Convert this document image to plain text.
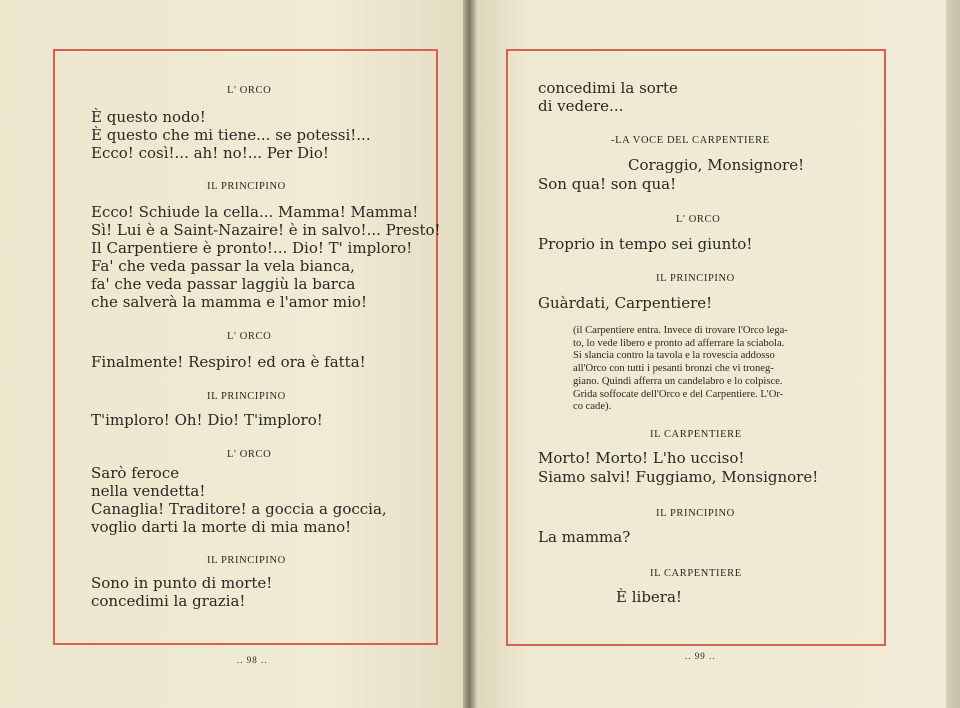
L' ORCO
È questo nodo!
È questo che mi tiene... se potessi!...
Ecco! così!... ah! no!... Per Dio!
IL PRINCIPINO
Ecco! Schiude la cella... Mamma! Mamma!
Sì! Lui è a Saint-Nazaire! è in salvo!... Presto!
Il Carpentiere è pronto!... Dio! T' imploro!
Fa' che veda passar la vela bianca,
fa' che veda passar laggiù la barca
che salverà la mamma e l'amor mio!
L' ORCO
Finalmente! Respiro! ed ora è fatta!
IL PRINCIPINO
T'imploro! Oh! Dio! T'imploro!
L' ORCO
Sarò feroce
nella vendetta!
Canaglia! Traditore! a goccia a goccia,
voglio darti la morte di mia mano!
IL PRINCIPINO
Sono in punto di morte!
concedimi la grazia!
.. 98 ..
concedimi la sorte
di vedere...
-LA VOCE DEL CARPENTIERE
Coraggio, Monsignore!
Son qua! son qua!
L' ORCO
Proprio in tempo sei giunto!
IL PRINCIPINO
Guàrdati, Carpentiere!
(il Carpentiere entra. Invece di trovare l'Orco lega-
to, lo vede libero e pronto ad afferrare la sciabola.
Si slancia contro la tavola e la rovescia addosso
all'Orco con tutti i pesanti bronzi che vi troneg-
giano. Quindi afferra un candelabro e lo colpisce.
Grida soffocate dell'Orco e del Carpentiere. L'Or-
co cade).
IL CARPENTIERE
Morto! Morto! L'ho ucciso!
Siamo salvi! Fuggiamo, Monsignore!
IL PRINCIPINO
La mamma?
IL CARPENTIERE
È libera!
.. 99 ..
